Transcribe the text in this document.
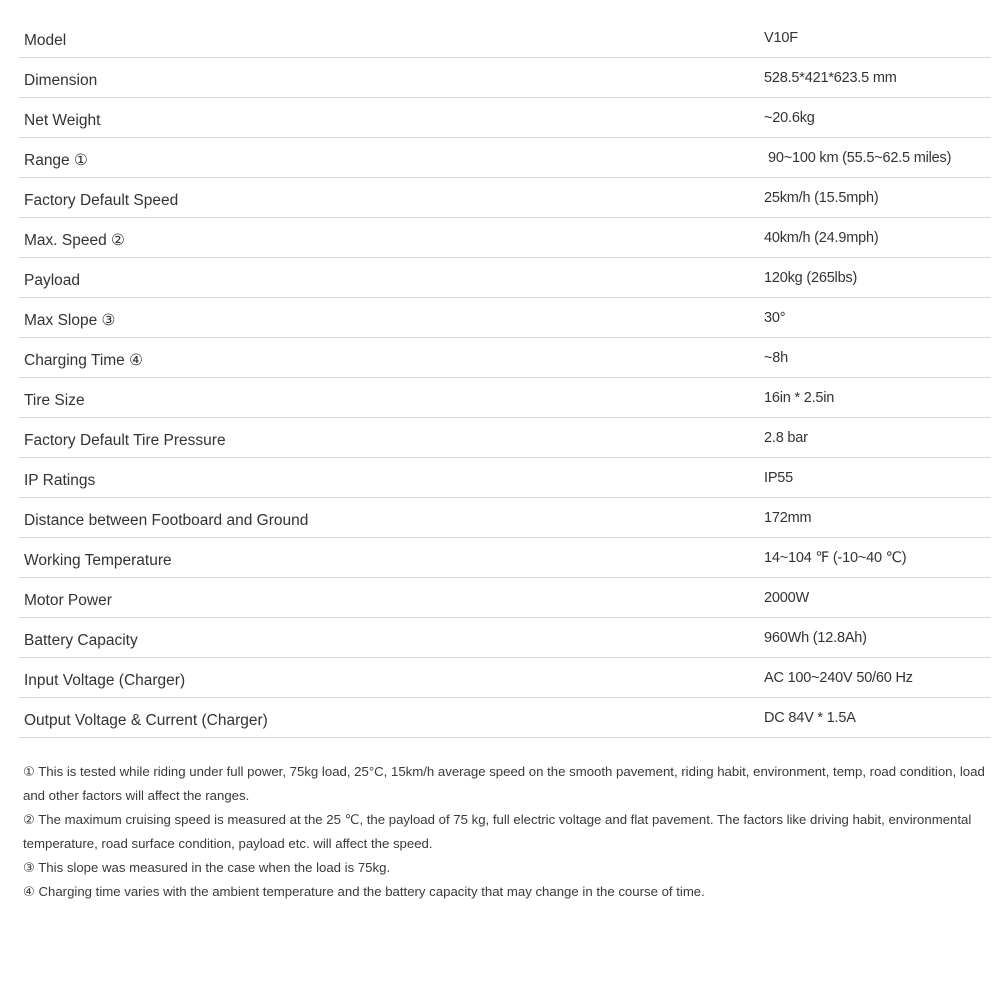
Model	V10F
Dimension	528.5*421*623.5 mm
Net Weight	~20.6kg
Range ①	90~100 km (55.5~62.5 miles)
Factory Default Speed	25km/h (15.5mph)
Max. Speed ②	40km/h (24.9mph)
Payload	120kg (265lbs)
Max Slope ③	30°
Charging Time ④	~8h
Tire Size	16in * 2.5in
Factory Default Tire Pressure	2.8 bar
IP Ratings	IP55
Distance between Footboard and Ground	172mm
Working Temperature	14~104 ℉ (-10~40 ℃)
Motor Power	2000W
Battery Capacity	960Wh (12.8Ah)
Input Voltage (Charger)	AC 100~240V 50/60 Hz
Output Voltage & Current (Charger)	DC 84V * 1.5A

① This is tested while riding under full power, 75kg load, 25°C, 15km/h average speed on the smooth pavement, riding habit, environment, temp, road condition, load and other factors will affect the ranges.

② The maximum cruising speed is measured at the 25 ℃, the payload of 75 kg, full electric voltage and flat pavement. The factors like driving habit, environmental temperature, road surface condition, payload etc. will affect the speed.

③ This slope was measured in the case when the load is 75kg.

④ Charging time varies with the ambient temperature and the battery capacity that may change in the course of time.
